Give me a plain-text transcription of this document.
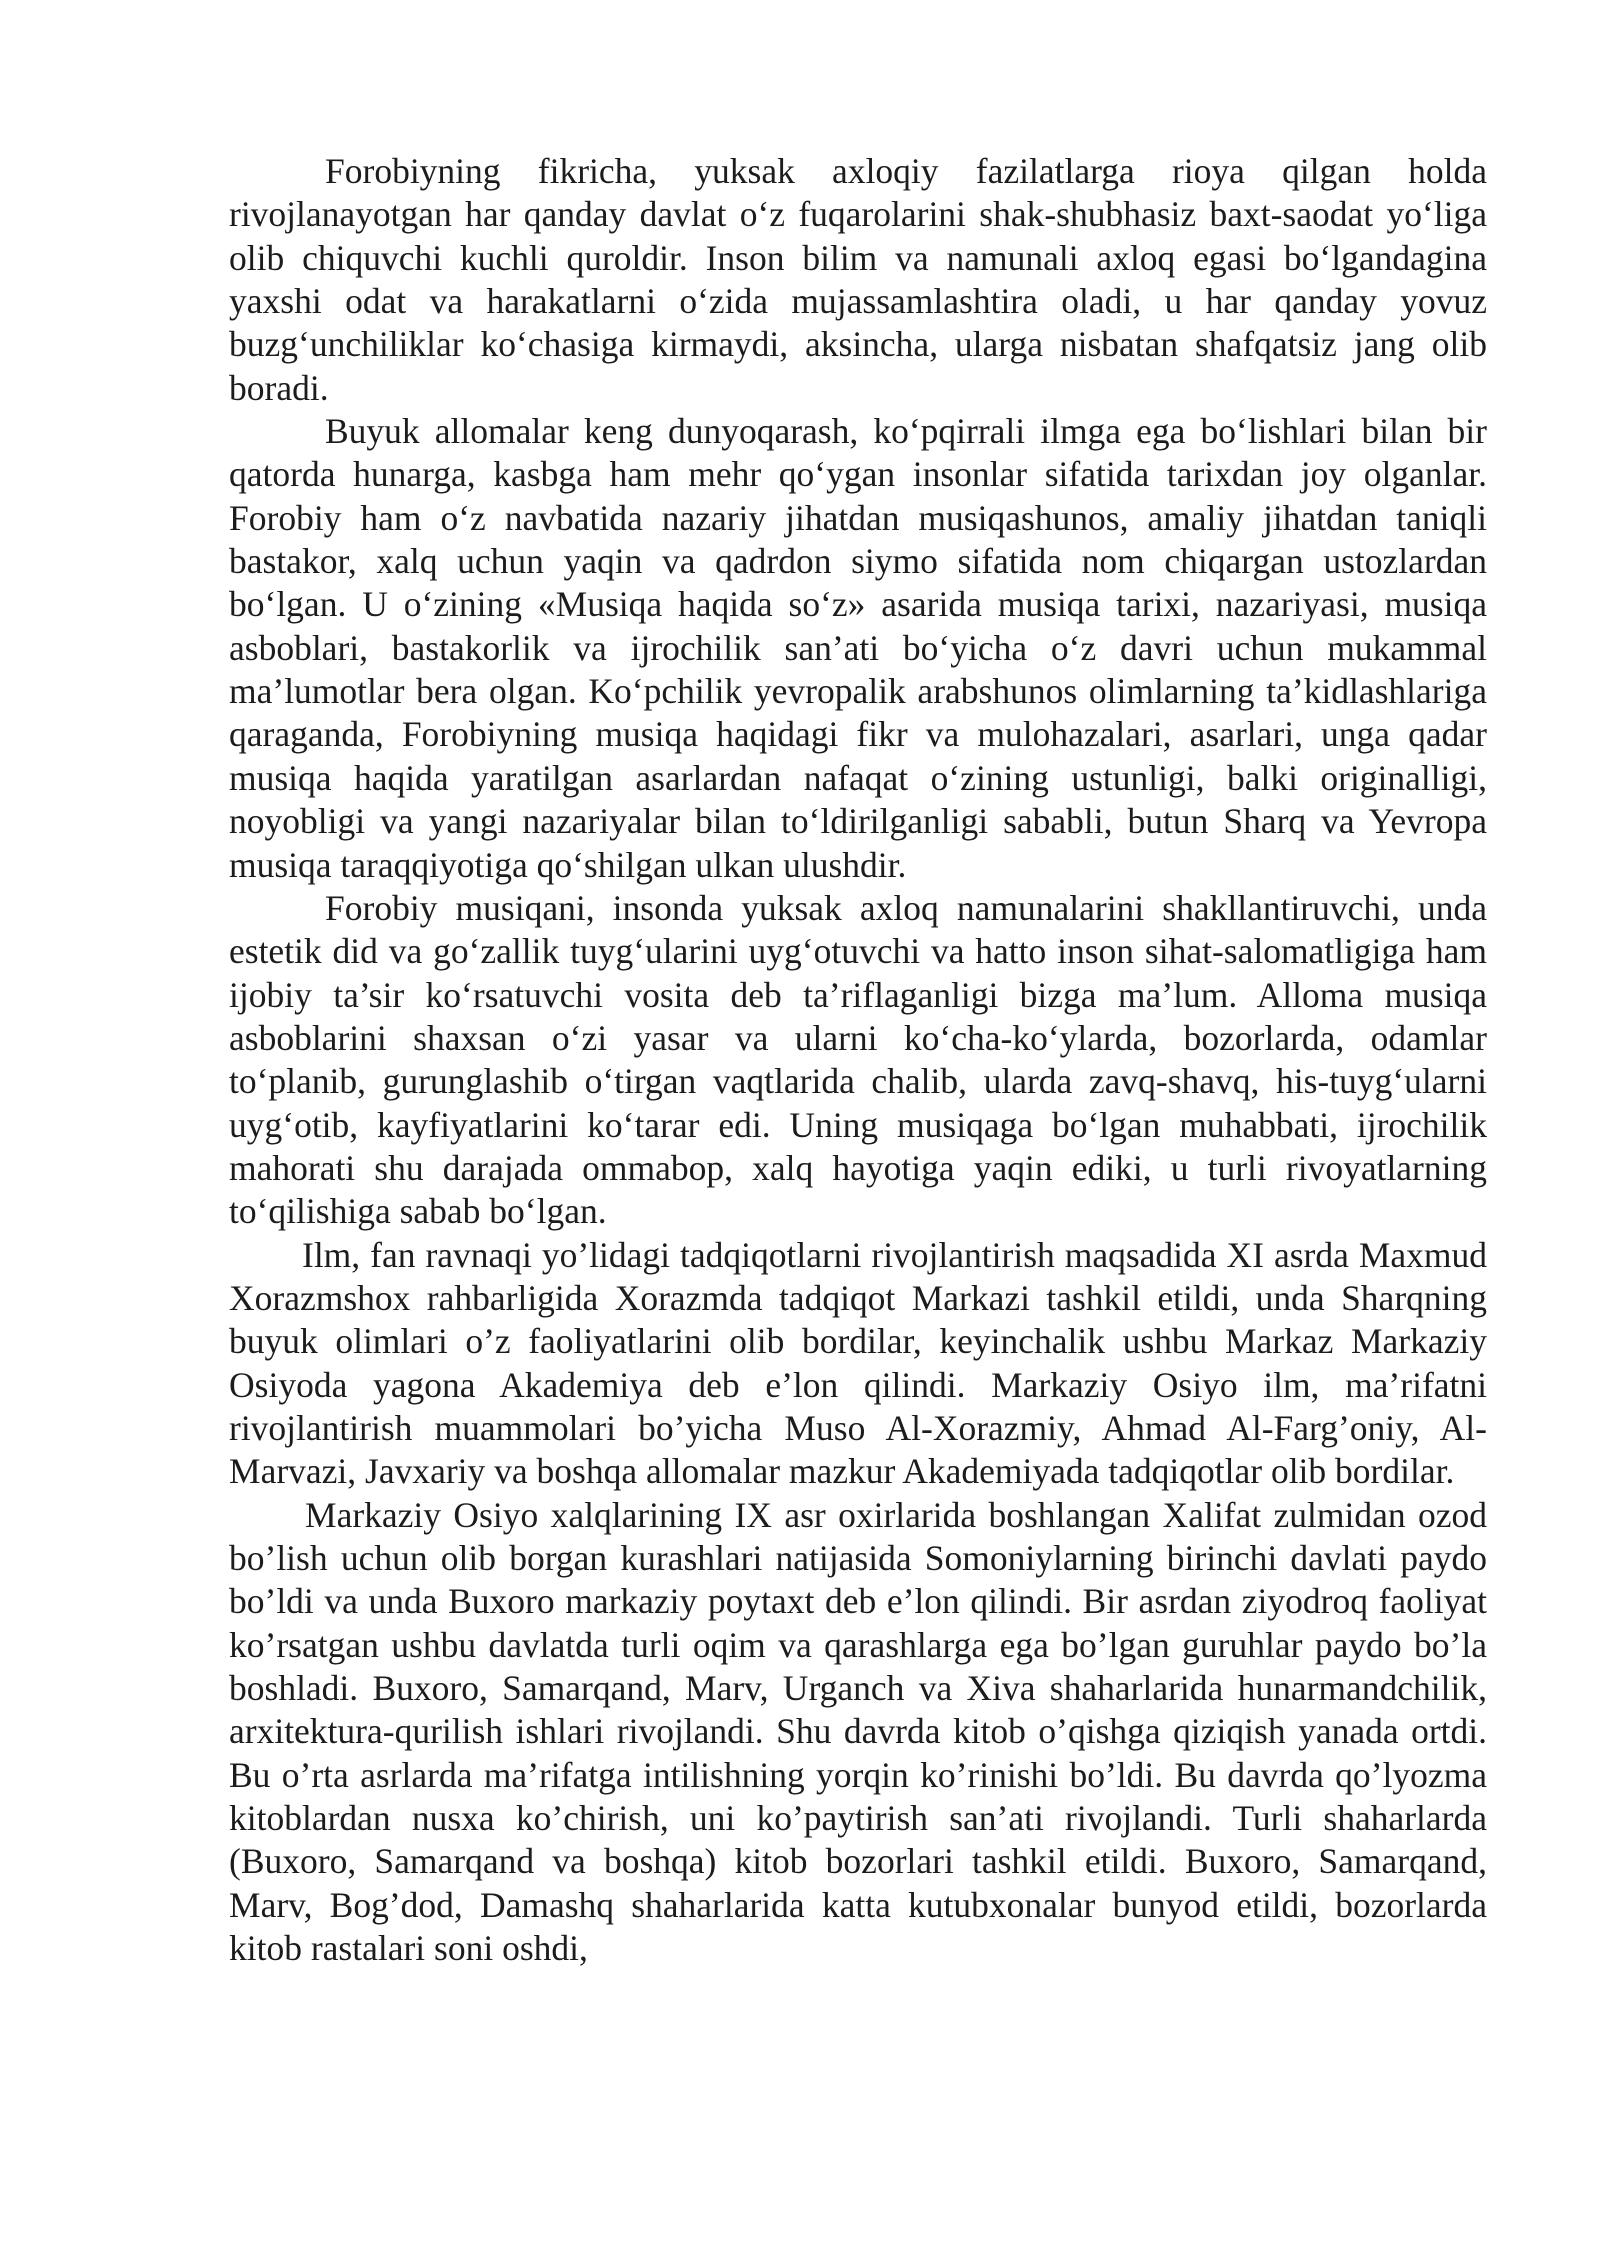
Forobiyning fikricha, yuksak axloqiy fazilatlarga rioya qilgan holda rivojlanayotgan har qanday davlat o‘z fuqarolarini shak-shubhasiz baxt-saodat yo‘liga olib chiquvchi kuchli quroldir. Inson bilim va namunali axloq egasi bo‘lgandagina yaxshi odat va harakatlarni o‘zida mujassamlashtira oladi, u har qanday yovuz buzg‘unchiliklar ko‘chasiga kirmaydi, aksincha, ularga nisbatan shafqatsiz jang olib boradi.

Buyuk allomalar keng dunyoqarash, ko‘pqirrali ilmga ega bo‘lishlari bilan bir qatorda hunarga, kasbga ham mehr qo‘ygan insonlar sifatida tarixdan joy olganlar. Forobiy ham o‘z navbatida nazariy jihatdan musiqashunos, amaliy jihatdan taniqli bastakor, xalq uchun yaqin va qadrdon siymo sifatida nom chiqargan ustozlardan bo‘lgan. U o‘zining «Musiqa haqida so‘z» asarida musiqa tarixi, nazariyasi, musiqa asboblari, bastakorlik va ijrochilik san’ati bo‘yicha o‘z davri uchun mukammal ma’lumotlar bera olgan. Ko‘pchilik yevropalik arabshunos olimlarning ta’kidlashlariga qaraganda, Forobiyning musiqa haqidagi fikr va mulohazalari, asarlari, unga qadar musiqa haqida yaratilgan asarlardan nafaqat o‘zining ustunligi, balki originalligi, noyobligi va yangi nazariyalar bilan to‘ldirilganligi sababli, butun Sharq va Yevropa musiqa taraqqiyotiga qo‘shilgan ulkan ulushdir.

Forobiy musiqani, insonda yuksak axloq namunalarini shakllantiruvchi, unda estetik did va go‘zallik tuyg‘ularini uyg‘otuvchi va hatto inson sihat-salomatligiga ham ijobiy ta’sir ko‘rsatuvchi vosita deb ta’riflaganligi bizga ma’lum. Alloma musiqa asboblarini shaxsan o‘zi yasar va ularni ko‘cha-ko‘ylarda, bozorlarda, odamlar to‘planib, gurunglashib o‘tirgan vaqtlarida chalib, ularda zavq-shavq, his-tuyg‘ularni uyg‘otib, kayfiyatlarini ko‘tarar edi. Uning musiqaga bo‘lgan muhabbati, ijrochilik mahorati shu darajada ommabop, xalq hayotiga yaqin ediki, u turli rivoyatlarning to‘qilishiga sabab bo‘lgan.

Ilm, fan ravnaqi yo’lidagi tadqiqotlarni rivojlantirish maqsadida XI asrda Maxmud Xorazmshox rahbarligida Xorazmda tadqiqot Markazi tashkil etildi, unda Sharqning buyuk olimlari o’z faoliyatlarini olib bordilar, keyinchalik ushbu Markaz Markaziy Osiyoda yagona Akademiya deb e’lon qilindi. Markaziy Osiyo ilm, ma’rifatni rivojlantirish muammolari bo’yicha Muso Al-Xorazmiy, Ahmad Al-Farg’oniy, Al-Marvazi, Javxariy va boshqa allomalar mazkur Akademiyada tadqiqotlar olib bordilar.

Markaziy Osiyo xalqlarining IX asr oxirlarida boshlangan Xalifat zulmidan ozod bo’lish uchun olib borgan kurashlari natijasida Somoniylarning birinchi davlati paydo bo’ldi va unda Buxoro markaziy poytaxt deb e’lon qilindi. Bir asrdan ziyodroq faoliyat ko’rsatgan ushbu davlatda turli oqim va qarashlarga ega bo’lgan guruhlar paydo bo’la boshladi. Buxoro, Samarqand, Marv, Urganch va Xiva shaharlarida hunarmandchilik, arxitektura-qurilish ishlari rivojlandi. Shu davrda kitob o’qishga qiziqish yanada ortdi. Bu o’rta asrlarda ma’rifatga intilishning yorqin ko’rinishi bo’ldi. Bu davrda qo’lyozma kitoblardan nusxa ko’chirish, uni ko’paytirish san’ati rivojlandi. Turli shaharlarda (Buxoro, Samarqand va boshqa) kitob bozorlari tashkil etildi. Buxoro, Samarqand, Marv, Bog’dod, Damashq shaharlarida katta kutubxonalar bunyod etildi, bozorlarda kitob rastalari soni oshdi,
